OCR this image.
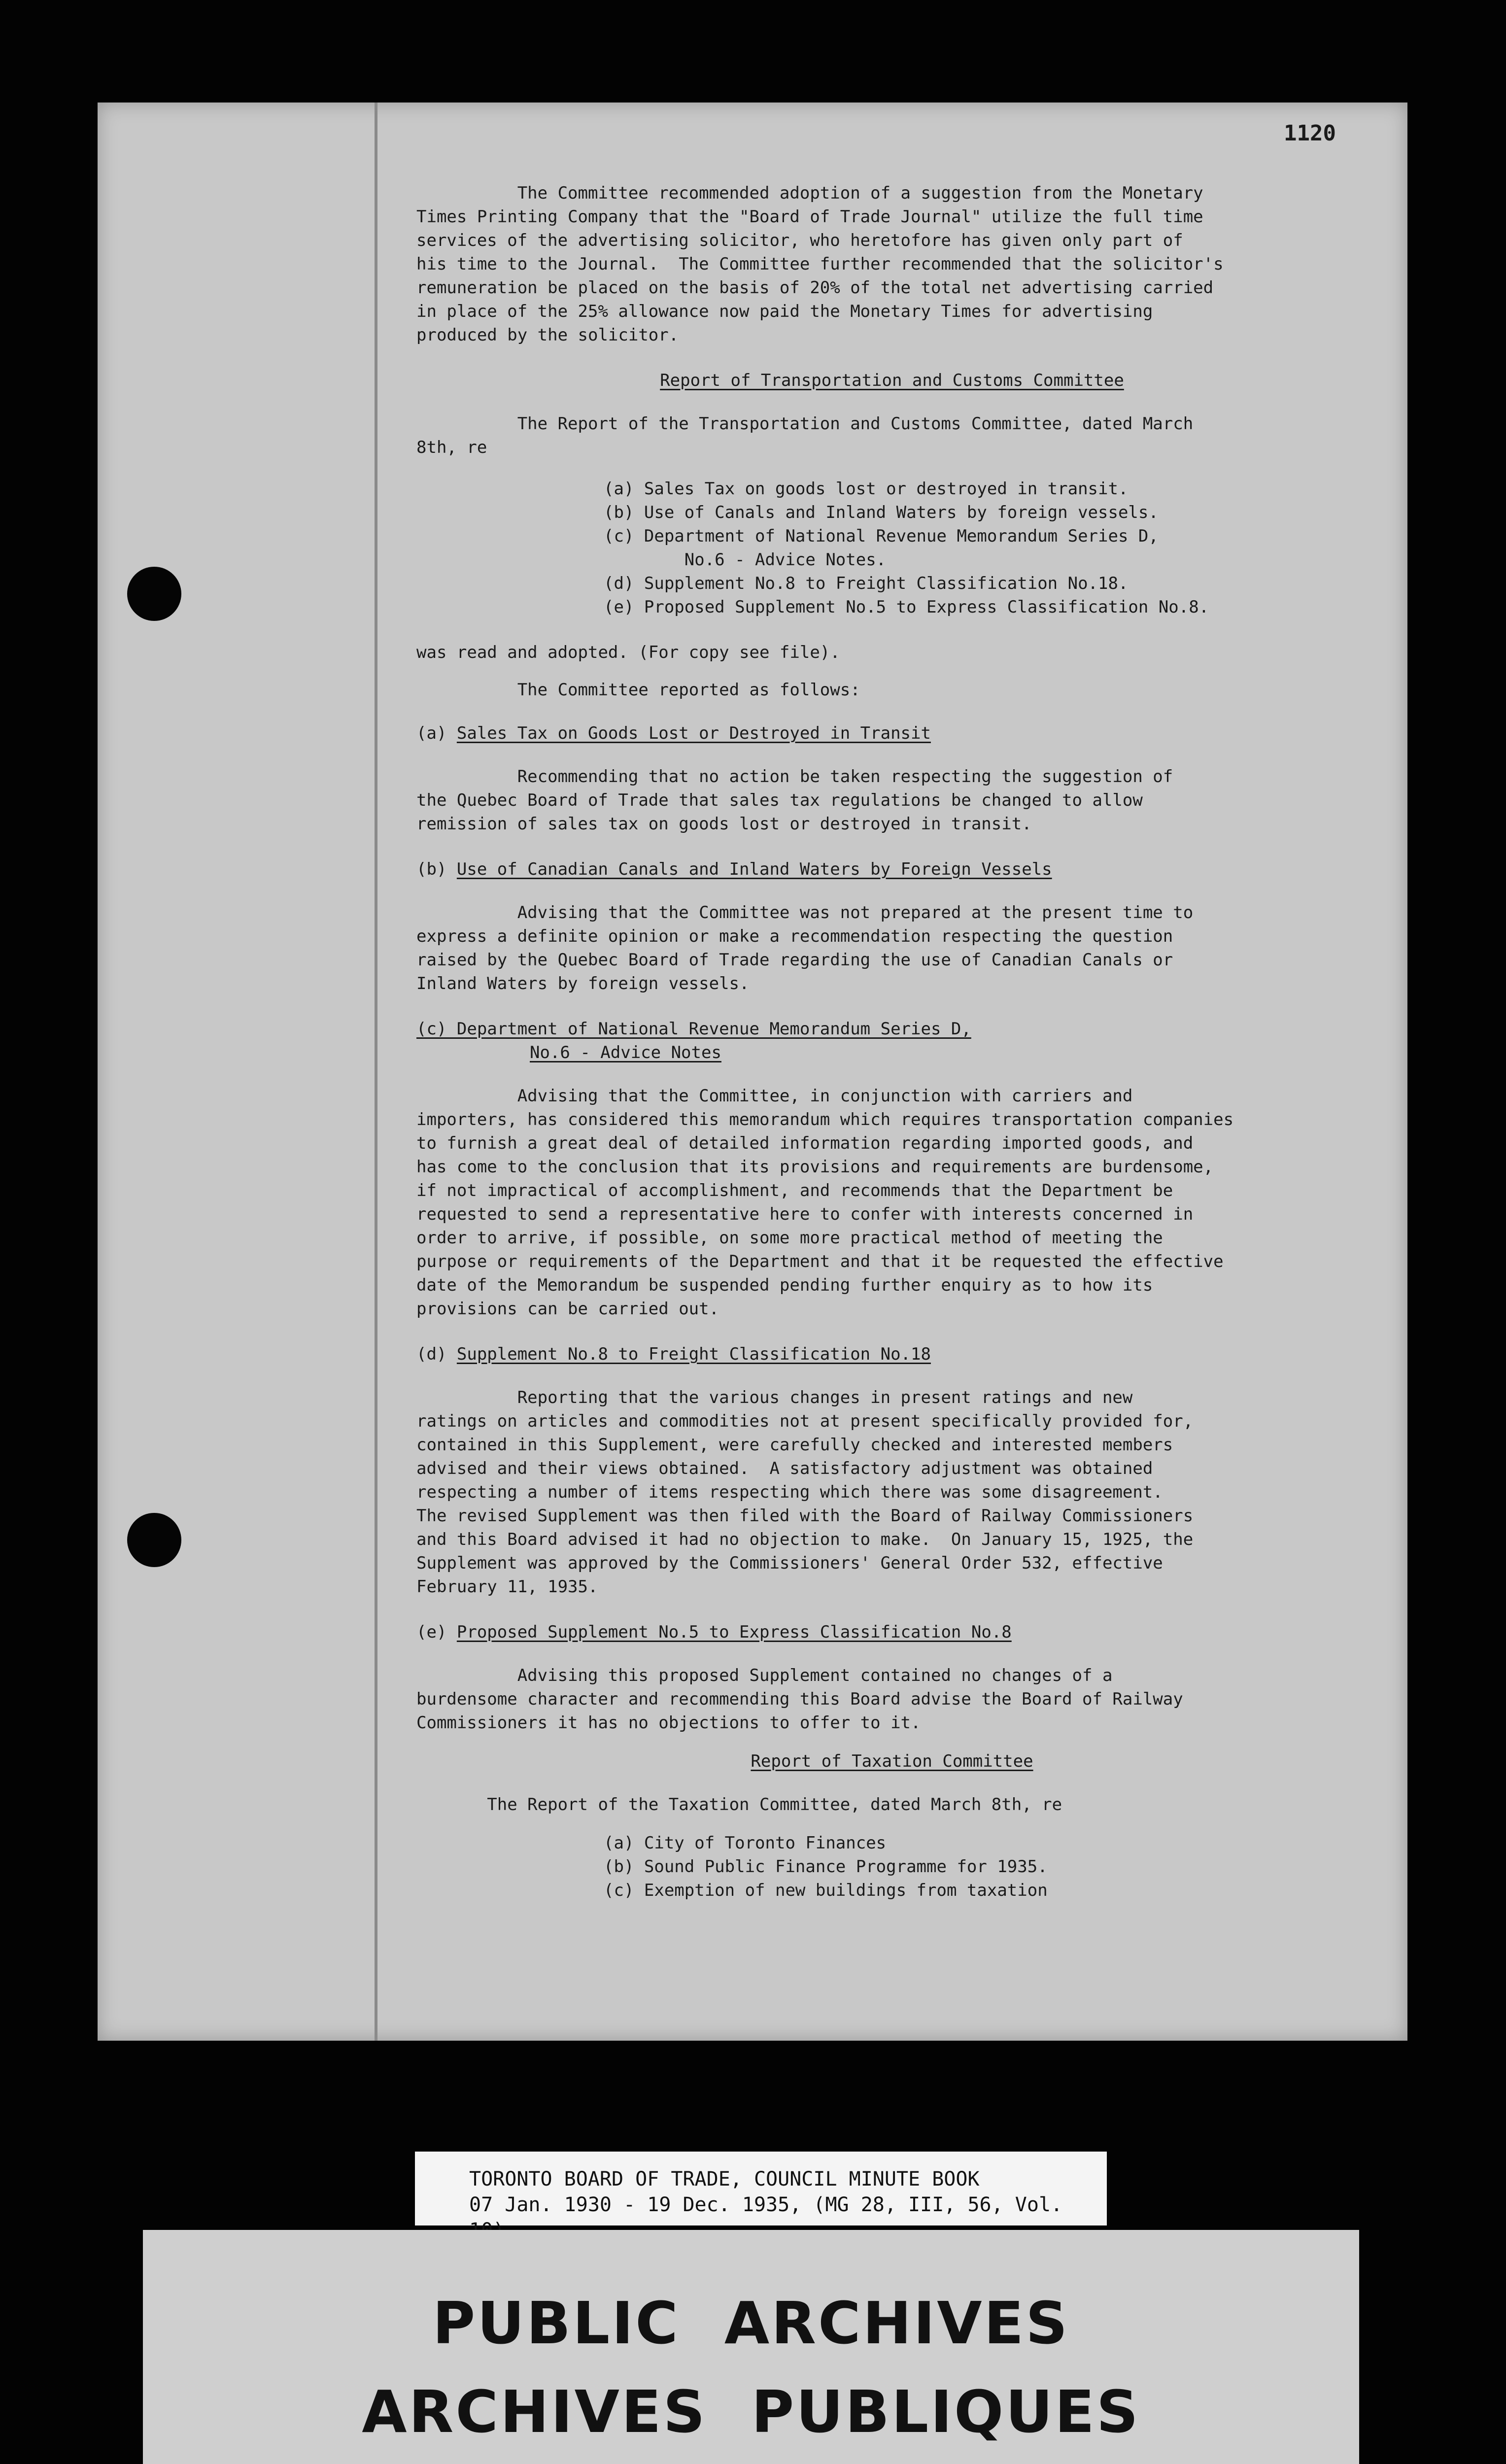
1120
The Committee recommended adoption of a suggestion from the Monetary
Times Printing Company that the "Board of Trade Journal" utilize the full time
services of the advertising solicitor, who heretofore has given only part of
his time to the Journal.  The Committee further recommended that the solicitor's
remuneration be placed on the basis of 20% of the total net advertising carried
in place of the 25% allowance now paid the Monetary Times for advertising
produced by the solicitor.
Report of Transportation and Customs Committee
The Report of the Transportation and Customs Committee, dated March
8th, re
(a) Sales Tax on goods lost or destroyed in transit.
(b) Use of Canals and Inland Waters by foreign vessels.
(c) Department of National Revenue Memorandum Series D,
No.6 - Advice Notes.
(d) Supplement No.8 to Freight Classification No.18.
(e) Proposed Supplement No.5 to Express Classification No.8.
was read and adopted. (For copy see file).
The Committee reported as follows:
(a) Sales Tax on Goods Lost or Destroyed in Transit
Recommending that no action be taken respecting the suggestion of
the Quebec Board of Trade that sales tax regulations be changed to allow
remission of sales tax on goods lost or destroyed in transit.
(b) Use of Canadian Canals and Inland Waters by Foreign Vessels
Advising that the Committee was not prepared at the present time to
express a definite opinion or make a recommendation respecting the question
raised by the Quebec Board of Trade regarding the use of Canadian Canals or
Inland Waters by foreign vessels.
(c) Department of National Revenue Memorandum Series D,
No.6 - Advice Notes
Advising that the Committee, in conjunction with carriers and
importers, has considered this memorandum which requires transportation companies
to furnish a great deal of detailed information regarding imported goods, and
has come to the conclusion that its provisions and requirements are burdensome,
if not impractical of accomplishment, and recommends that the Department be
requested to send a representative here to confer with interests concerned in
order to arrive, if possible, on some more practical method of meeting the
purpose or requirements of the Department and that it be requested the effective
date of the Memorandum be suspended pending further enquiry as to how its
provisions can be carried out.
(d) Supplement No.8 to Freight Classification No.18
Reporting that the various changes in present ratings and new
ratings on articles and commodities not at present specifically provided for,
contained in this Supplement, were carefully checked and interested members
advised and their views obtained.  A satisfactory adjustment was obtained
respecting a number of items respecting which there was some disagreement.
The revised Supplement was then filed with the Board of Railway Commissioners
and this Board advised it had no objection to make.  On January 15, 1925, the
Supplement was approved by the Commissioners' General Order 532, effective
February 11, 1935.
(e) Proposed Supplement No.5 to Express Classification No.8
Advising this proposed Supplement contained no changes of a
burdensome character and recommending this Board advise the Board of Railway
Commissioners it has no objections to offer to it.
Report of Taxation Committee
The Report of the Taxation Committee, dated March 8th, re
(a) City of Toronto Finances
(b) Sound Public Finance Programme for 1935.
(c) Exemption of new buildings from taxation
TORONTO BOARD OF TRADE, COUNCIL MINUTE BOOK
07 Jan. 1930 - 19 Dec. 1935, (MG 28, III, 56, Vol.
PUBLIC  ARCHIVES
ARCHIVES  PUBLIQUES
